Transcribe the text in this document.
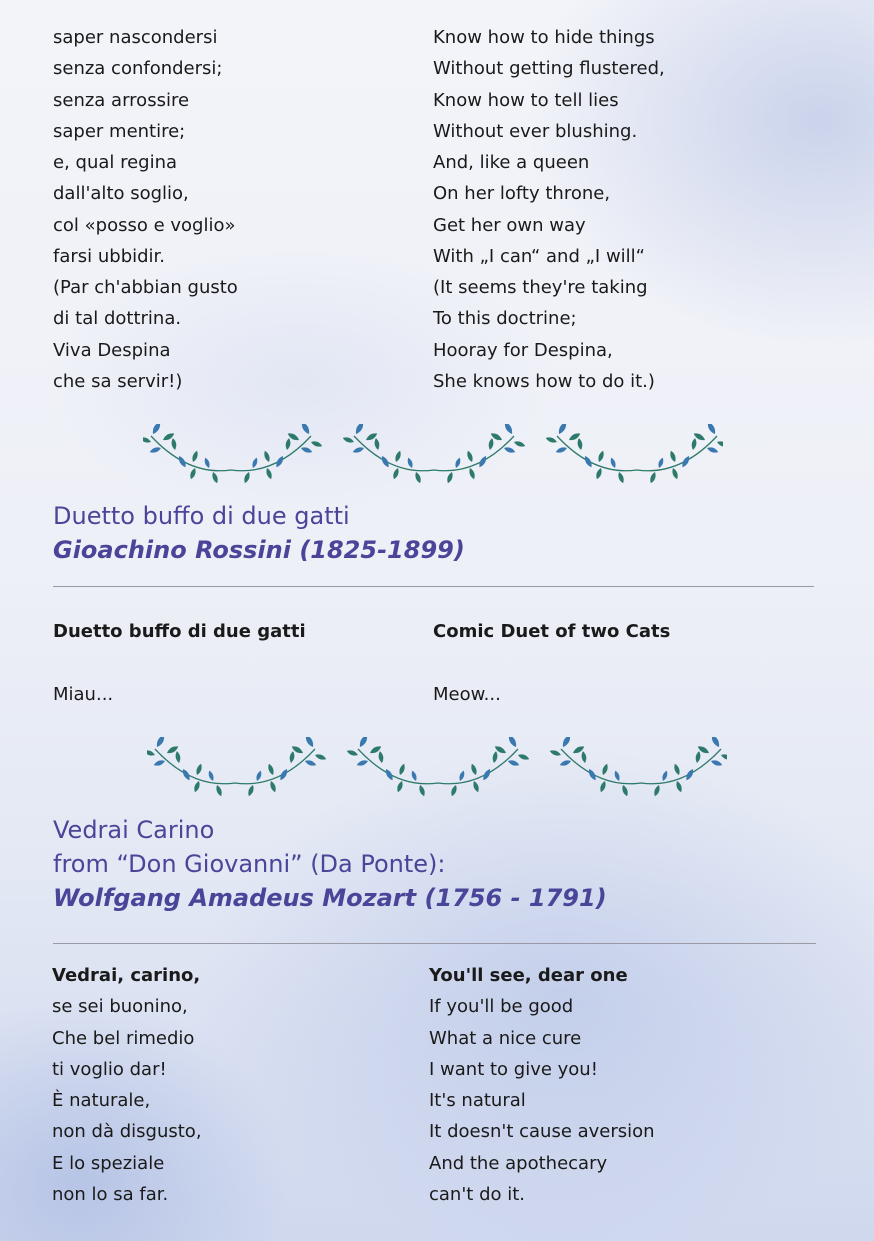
saper nascondersi
senza confondersi;
senza arrossire
saper mentire;
e, qual regina
dall'alto soglio,
col «posso e voglio»
farsi ubbidir.
(Par ch'abbian gusto
di tal dottrina.
Viva Despina
che sa servir!)
Know how to hide things
Without getting flustered,
Know how to tell lies
Without ever blushing.
And, like a queen
On her lofty throne,
Get her own way
With „I can“ and „I will“
(It seems they're taking
To this doctrine;
Hooray for Despina,
She knows how to do it.)
Duetto buffo di due gatti
Gioachino Rossini (1825-1899)
Duetto buffo di due gatti
Miau...
Comic Duet of two Cats
Meow...
Vedrai Carino
from “Don Giovanni” (Da Ponte):
Wolfgang Amadeus Mozart (1756 - 1791)
Vedrai, carino,
se sei buonino,
Che bel rimedio
ti voglio dar!
È naturale,
non dà disgusto,
E lo speziale
non lo sa far.
You'll see, dear one
If you'll be good
What a nice cure
I want to give you!
It's natural
It doesn't cause aversion
And the apothecary
can't do it.
